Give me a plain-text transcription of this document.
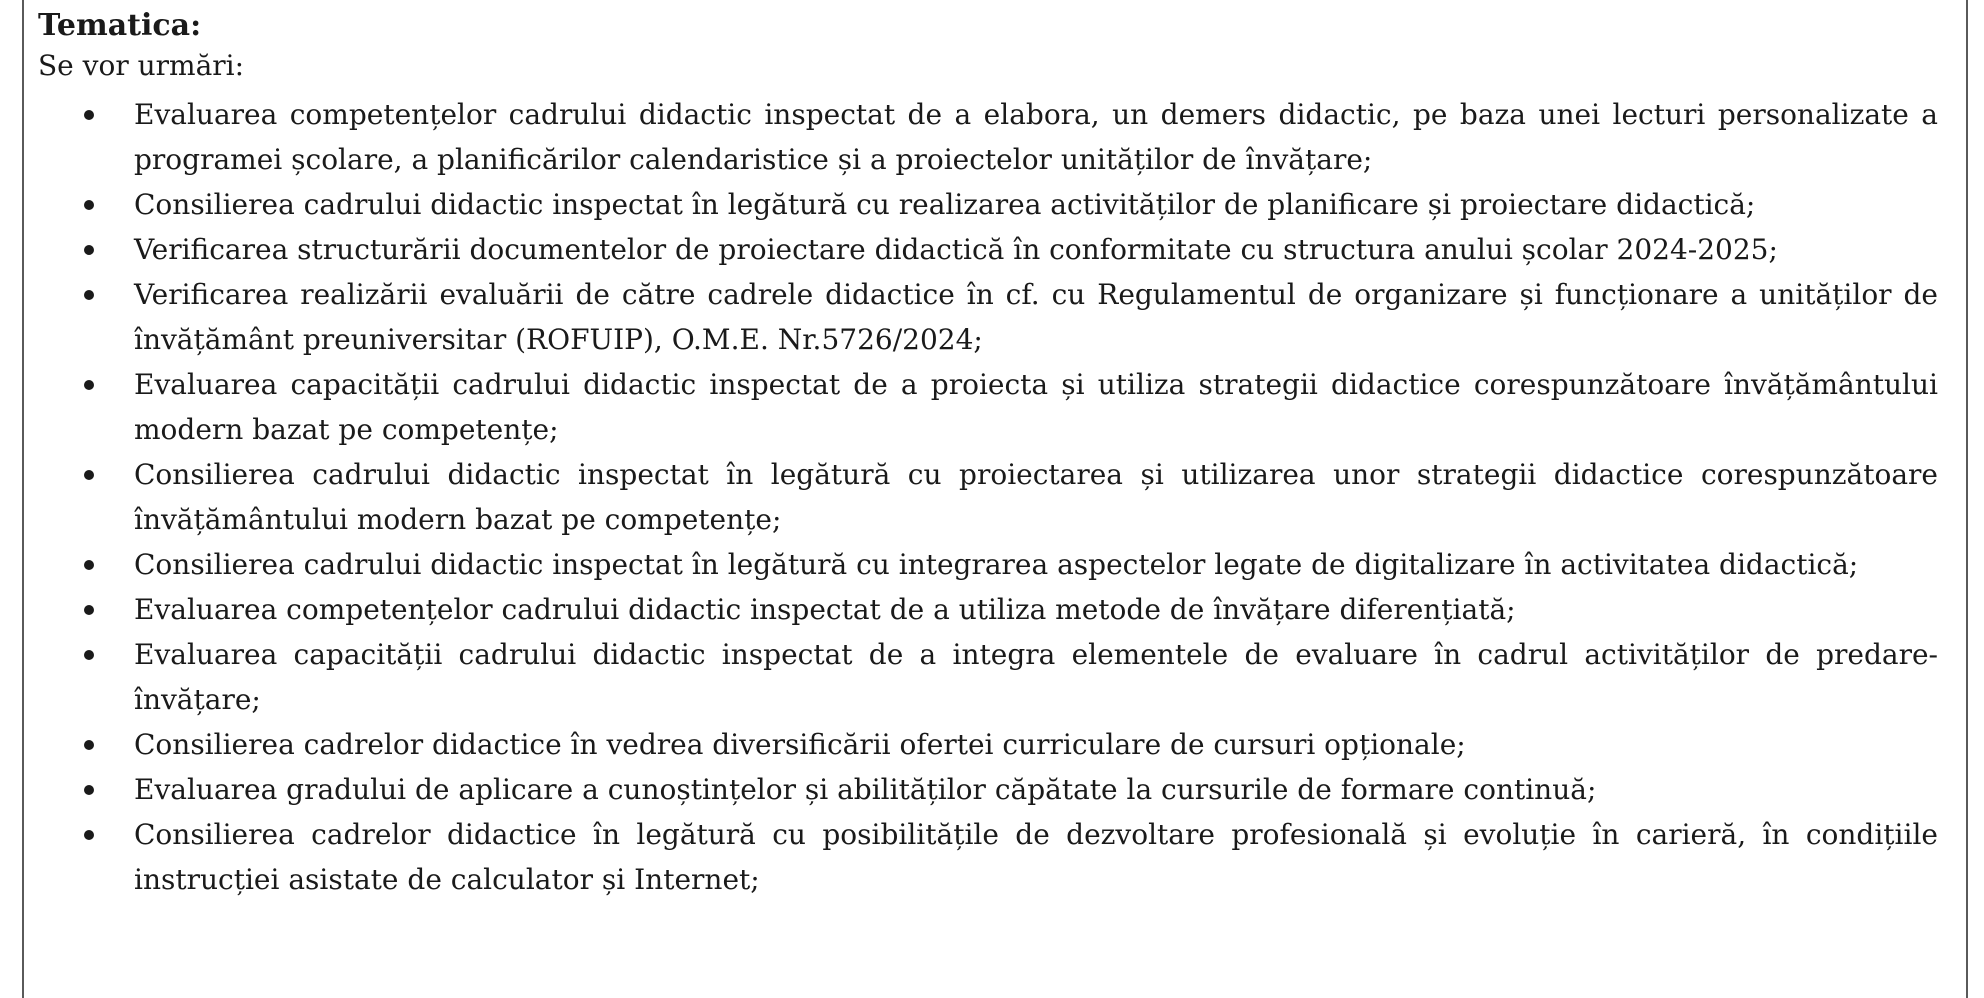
Tematica:

Se vor urmări:

Evaluarea competențelor cadrului didactic inspectat de a elabora, un demers didactic, pe baza unei lecturi personalizate a programei școlare, a planificărilor calendaristice și a proiectelor unităților de învățare;
Consilierea cadrului didactic inspectat în legătură cu realizarea activităților de planificare și proiectare didactică;
Verificarea structurării documentelor de proiectare didactică în conformitate cu structura anului școlar 2024-2025;
Verificarea realizării evaluării de către cadrele didactice în cf. cu Regulamentul de organizare și funcționare a unităților de învățământ preuniversitar (ROFUIP), O.M.E. Nr.5726/2024;
Evaluarea capacității cadrului didactic inspectat de a proiecta și utiliza strategii didactice corespunzătoare învățământului modern bazat pe competențe;
Consilierea cadrului didactic inspectat în legătură cu proiectarea și utilizarea unor strategii didactice corespunzătoare învățământului modern bazat pe competențe;
Consilierea cadrului didactic inspectat în legătură cu integrarea aspectelor legate de digitalizare în activitatea didactică;
Evaluarea competențelor cadrului didactic inspectat de a utiliza metode de învățare diferențiată;
Evaluarea capacității cadrului didactic inspectat de a integra elementele de evaluare în cadrul activităților de predare-învățare;
Consilierea cadrelor didactice în vedrea diversificării ofertei curriculare de cursuri opționale;
Evaluarea gradului de aplicare a cunoștințelor și abilităților căpătate la cursurile de formare continuă;
Consilierea cadrelor didactice în legătură cu posibilitățile de dezvoltare profesională și evoluție în carieră, în condițiile instrucției asistate de calculator și Internet;
